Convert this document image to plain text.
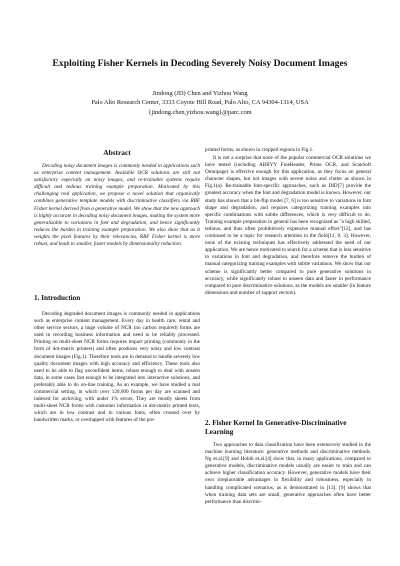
Exploiting Fisher Kernels in Decoding Severely Noisy Document Images
Jindong (JD) Chen and Yizhou Wang
Palo Alto Research Center, 3333 Coyote Hill Road, Palo Alto, CA 94304-1314, USA
{jindong.chen,yizhou.wang}@parc.com
Abstract
Decoding noisy document images is commonly needed in applications such as enterprise content management. Available OCR solutions are still not satisfactory especially on noisy images, and re-trainable systems require difficult and tedious training example preparation. Motivated by this challenging real application, we propose a novel solution that organically combines generative template models with discriminative classifiers via RBF Fisher kernel derived from a generative model. We show that the new approach is highly accurate in decoding noisy document images, making the system more generalizable to variations in font and degradation, and hence significantly reduces the burden in training example preparation. We also show that as it weights the pixel features by their relevancies, RBF Fisher kernel is more robust, and leads to smaller, faster models by dimensionality reduction.
1. Introduction
Decoding degraded document images is commonly needed in applications such as enterprise content management. Every day in health care, rental and other service sectors, a huge volume of NCR (no carbon required) forms are used in recording business information and need to be reliably processed. Printing on multi-sheet NCR forms requires impact printing (commonly in the form of dot-matrix printers) and often produces very noisy and low contrast document images (Fig.1). Therefore tools are in demand to handle severely low quality document images with high accuracy and efficiency. These tools also need to be able to flag unconfident items, robust enough to deal with unseen data, in some cases fast enough to be integrated into interactive solutions, and preferably able to do on-line training. As an example, we have studied a real commercial setting, in which over 120,000 forms per day are scanned and indexed for archiving, with under 1% errors. They are mostly sheets from multi-sheet NCR forms with customer information in dot-matrix printed texts, which are in low contrast and in various fonts, often crossed over by handwritten marks, or overlapped with features of the pre-
printed forms, as shown in cropped regions in Fig.1.
It is not a surprise that none of the popular commercial OCR solutions we have tested (including ABBYY FineReader, Prime OCR, and ScanSoft Omnipage) is effective enough for this application, as they focus on general character shapes, but not images with severe noise and clutter as shown in Fig.1(a). Re-trainable font-specific approaches, such as DID[7] provide the greatest accuracy when the font and degradation model is known. However, our study has shown that a bit-flip model [7, 6] is too sensitive to variations in font shape and degradation, and requires categorizing training examples into specific combinations with subtle differences, which is very difficult to do. Training example preparation in general has been recognized as "a high skilled, tedious, and thus often prohibitively expensive manual effort"[12], and has continued to be a topic for research attention in the field[11, 8, 3]. However, none of the existing techniques has effectively addressed the need of our application. We are hence motivated to search for a scheme that is less sensitive to variations in font and degradation, and therefore remove the burden of manual categorizing training examples with subtle variations. We show that our scheme is significantly better compared to pure generative solutions in accuracy, while significantly robust to unseen data and faster in performance compared to pure discriminative solutions, as the models are smaller (in feature dimensions and number of support vectors).
2. Fisher Kernel In Generative-Discriminative Learning
Two approaches to data classification have been extensively studied in the machine learning literature: generative methods and discriminative methods. Ng et.al.[9] and Hobib et.al.[4] show that, in many applications, compared to generative models, discriminative models usually are easier to train and can achieve higher classification accuracy. However, generative models have their own irreplaceable advantages in flexibility and robustness, especially in handling complicated scenarios, as is demonstrated in [13]. [9] shows that when training data sets are small, generative approaches often have better performance than discrimi-
